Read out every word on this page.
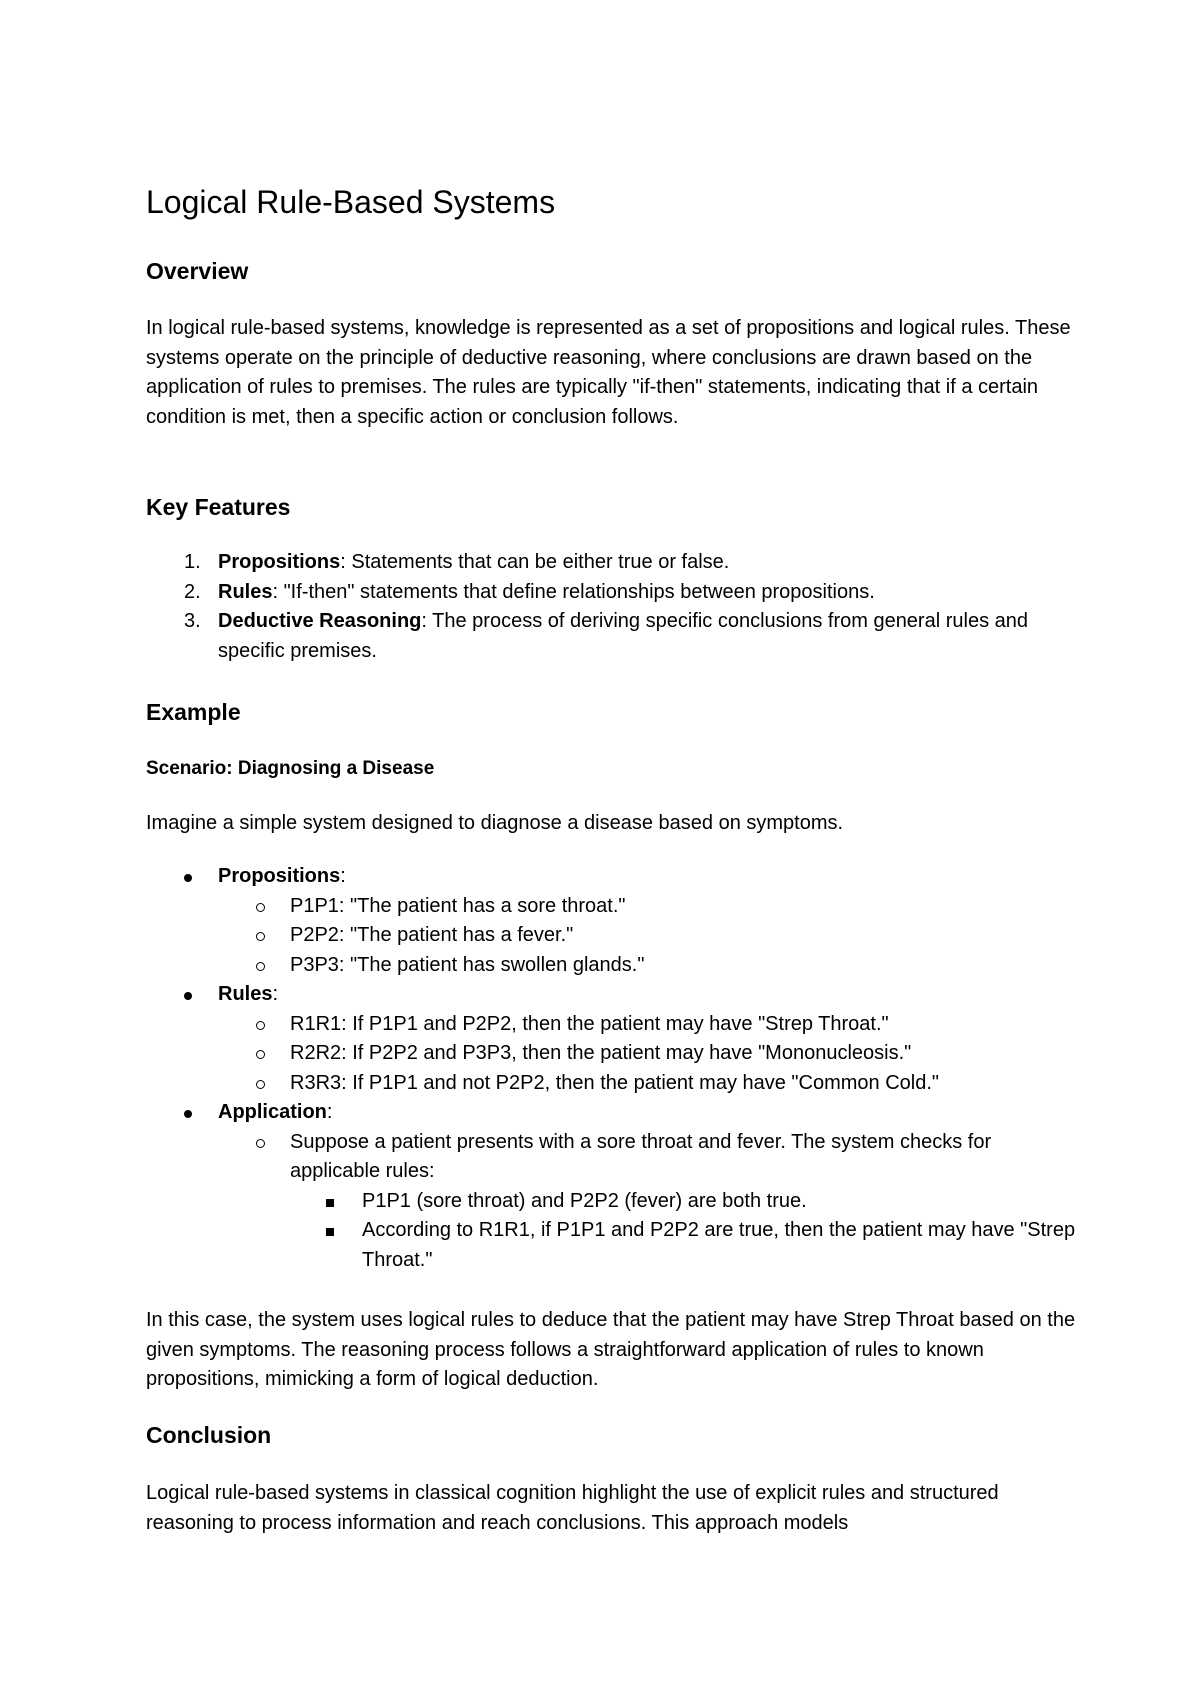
Logical Rule-Based Systems
Overview

In logical rule-based systems, knowledge is represented as a set of propositions and logical rules. These systems operate on the principle of deductive reasoning, where conclusions are drawn based on the application of rules to premises. The rules are typically "if-then" statements, indicating that if a certain condition is met, then a specific action or conclusion follows.

Key Features
1. Propositions: Statements that can be either true or false.
2. Rules: "If-then" statements that define relationships between propositions.
3. Deductive Reasoning: The process of deriving specific conclusions from general rules and specific premises.
Example
Scenario: Diagnosing a Disease

Imagine a simple system designed to diagnose a disease based on symptoms.

Propositions:
P1P1: "The patient has a sore throat."
P2P2: "The patient has a fever."
P3P3: "The patient has swollen glands."
Rules:
R1R1: If P1P1 and P2P2, then the patient may have "Strep Throat."
R2R2: If P2P2 and P3P3, then the patient may have "Mononucleosis."
R3R3: If P1P1 and not P2P2, then the patient may have "Common Cold."
Application:
Suppose a patient presents with a sore throat and fever. The system checks for applicable rules:
P1P1 (sore throat) and P2P2 (fever) are both true.
According to R1R1, if P1P1 and P2P2 are true, then the patient may have "Strep Throat."

In this case, the system uses logical rules to deduce that the patient may have Strep Throat based on the given symptoms. The reasoning process follows a straightforward application of rules to known propositions, mimicking a form of logical deduction.

Conclusion

Logical rule-based systems in classical cognition highlight the use of explicit rules and structured reasoning to process information and reach conclusions. This approach models
